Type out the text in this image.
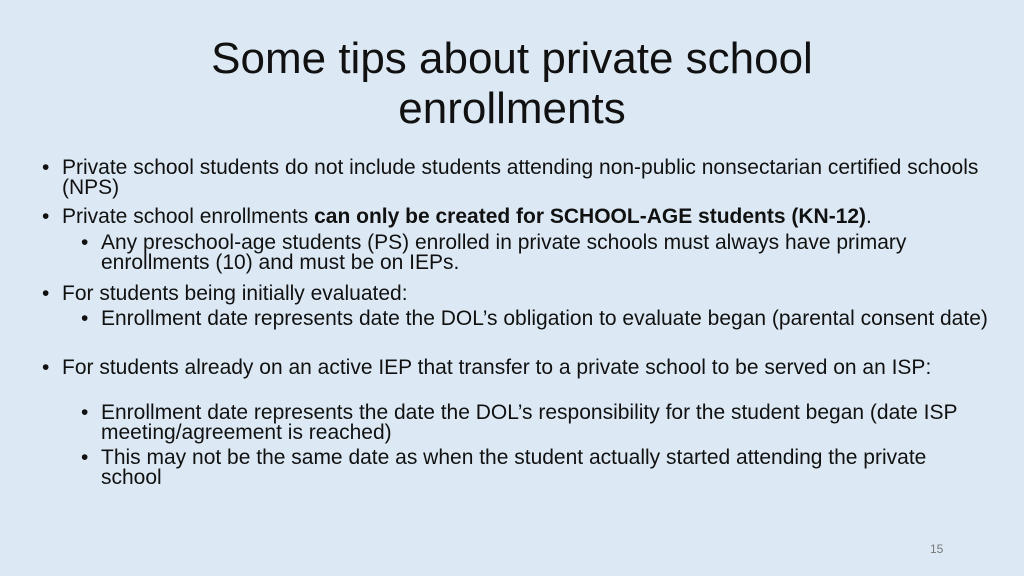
Some tips about private school
enrollments
• Private school students do not include students attending non-public nonsectarian certified schools (NPS)
• Private school enrollments can only be created for SCHOOL-AGE students (KN-12).
• Any preschool-age students (PS) enrolled in private schools must always have primary enrollments (10) and must be on IEPs.
• For students being initially evaluated:
• Enrollment date represents date the DOL’s obligation to evaluate began (parental consent date)
• For students already on an active IEP that transfer to a private school to be served on an ISP:
• Enrollment date represents the date the DOL’s responsibility for the student began (date ISP meeting/agreement is reached)
• This may not be the same date as when the student actually started attending the private school
15
